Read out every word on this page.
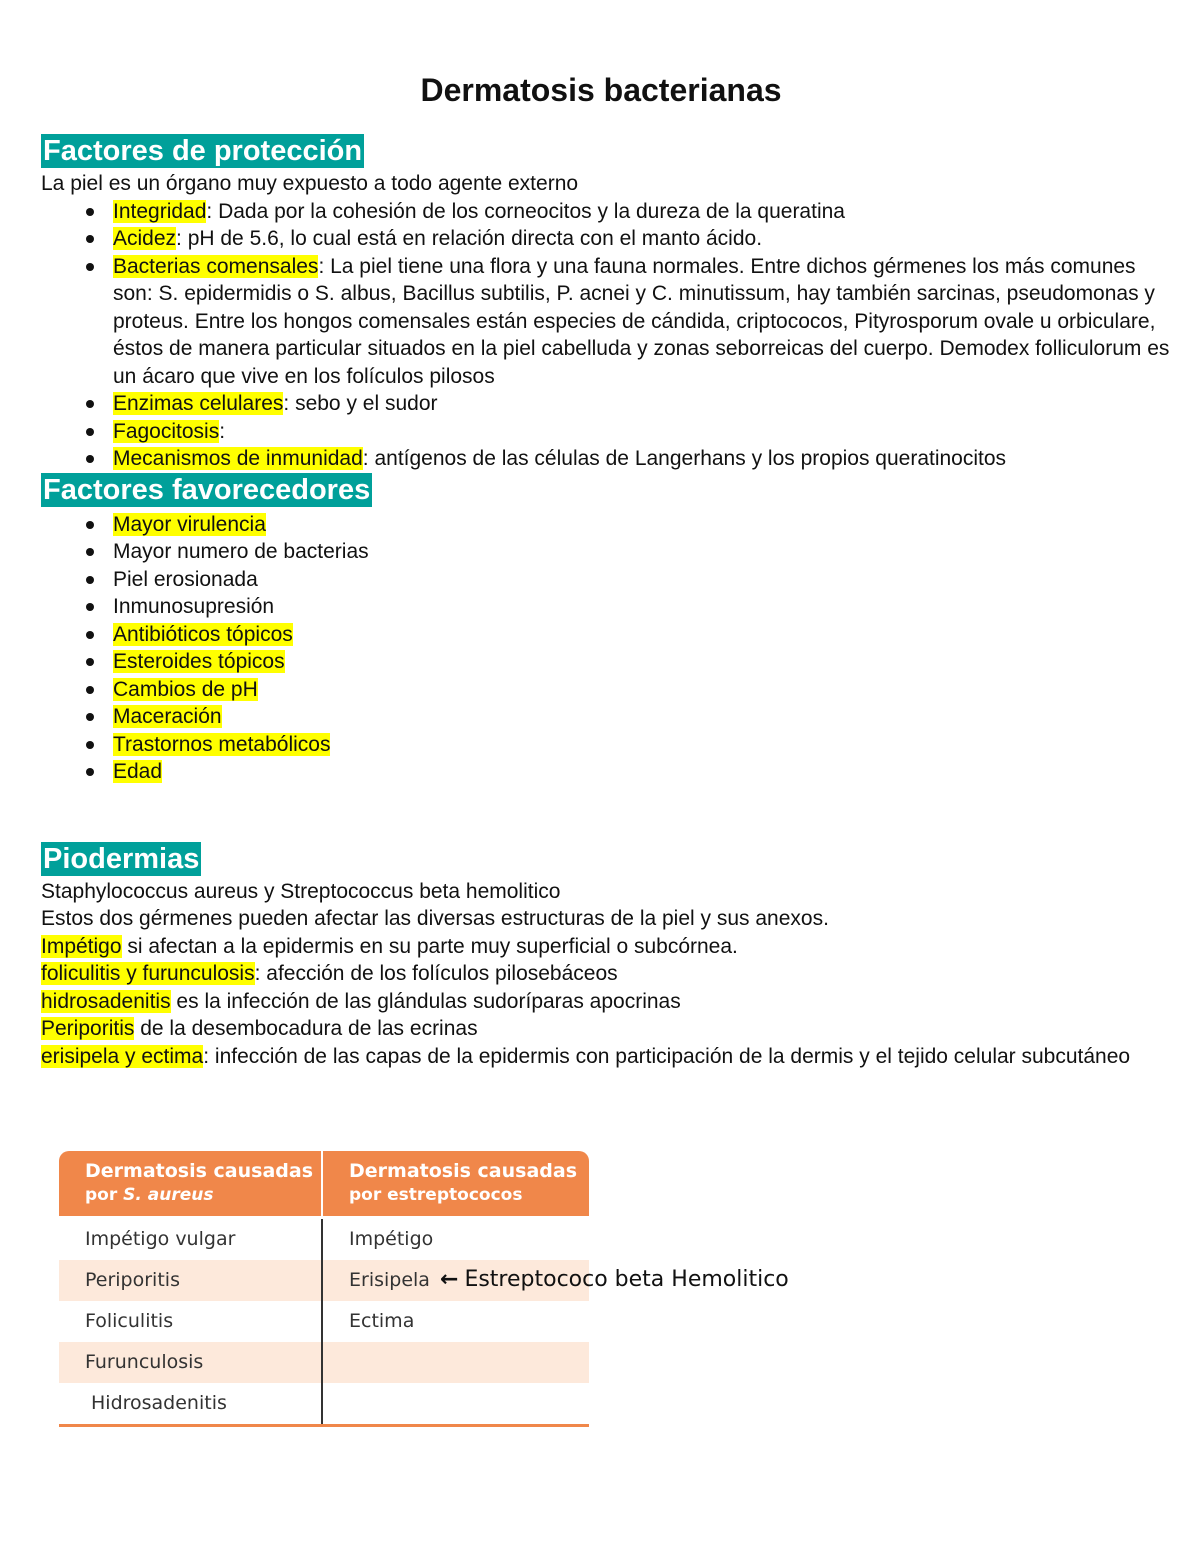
Dermatosis bacterianas
Factores de protección

La piel es un órgano muy expuesto a todo agente externo

Integridad: Dada por la cohesión de los corneocitos y la dureza de la queratina
Acidez: pH de 5.6, lo cual está en relación directa con el manto ácido.
Bacterias comensales: La piel tiene una flora y una fauna normales. Entre dichos gérmenes los más comunes son: S. epidermidis o S. albus, Bacillus subtilis, P. acnei y C. minutissum, hay también sarcinas, pseudomonas y proteus. Entre los hongos comensales están especies de cándida, criptococos, Pityrosporum ovale u orbiculare, éstos de manera particular situados en la piel cabelluda y zonas seborreicas del cuerpo. Demodex folliculorum es un ácaro que vive en los folículos pilosos
Enzimas celulares: sebo y el sudor
Fagocitosis:
Mecanismos de inmunidad: antígenos de las células de Langerhans y los propios queratinocitos
Factores favorecedores
Mayor virulencia
Mayor numero de bacterias
Piel erosionada
Inmunosupresión
Antibióticos tópicos
Esteroides tópicos
Cambios de pH
Maceración
Trastornos metabólicos
Edad
Piodermias

Staphylococcus aureus y Streptococcus beta hemolitico

Estos dos gérmenes pueden afectar las diversas estructuras de la piel y sus anexos.

Impétigo si afectan a la epidermis en su parte muy superficial o subcórnea.

foliculitis y furunculosis: afección de los folículos pilosebáceos

hidrosadenitis es la infección de las glándulas sudoríparas apocrinas

Periporitis de la desembocadura de las ecrinas

erisipela y ectima: infección de las capas de la epidermis con participación de la dermis y el tejido celular subcutáneo

Dermatosis causadas
por S. aureus
Dermatosis causadas
por estreptococos
Impétigo vulgar	Impétigo
Periporitis	Erisipela
Foliculitis	Ectima
Furunculosis
Hidrosadenitis
← Estreptococo beta Hemolitico
